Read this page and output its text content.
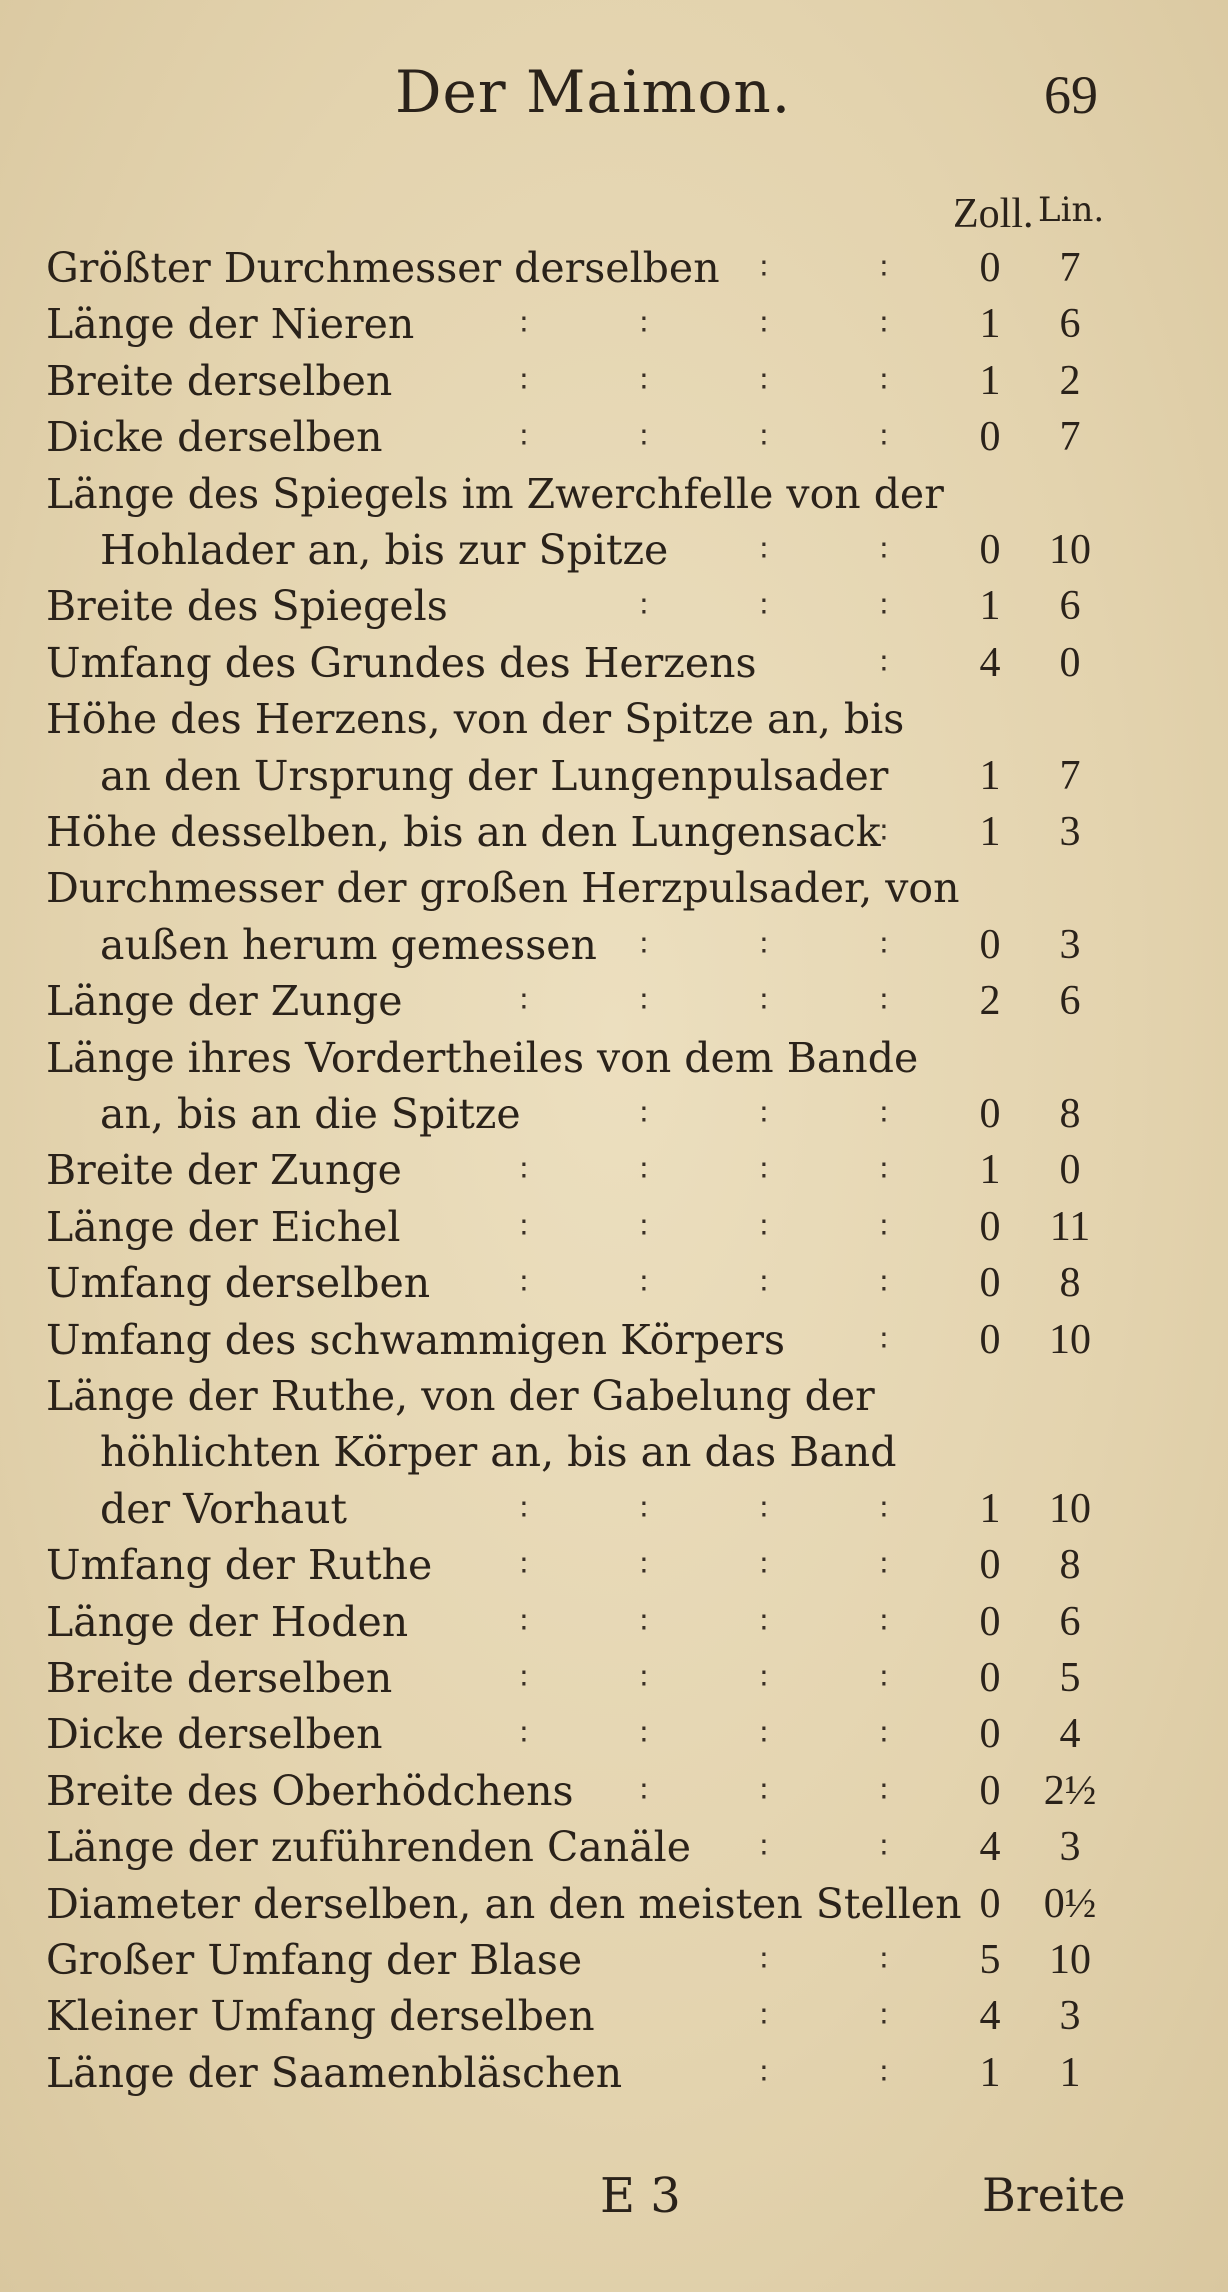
Der Maimon.	69
Zoll. Lin.
Größter Durchmesser derselben ∶	∶ 0	7
Länge der Nieren	∶	∶	∶	∶ 1	6
Breite derselben	∶	∶	∶	∶ 1	2
Dicke derselben	∶	∶	∶	∶ 0	7
Länge des Spiegels im Zwerchfelle von der
Hohlader an, bis zur Spitze	∶	∶ 0 10
Breite des Spiegels	∶	∶	∶ 1	6
Umfang des Grundes des Herzens	∶ 4	0
Höhe des Herzens, von der Spitze an, bis
an den Ursprung der Lungenpulsader 1	7
Höhe desselben, bis an den Lungensack ∶ 1	3
Durchmesser der großen Herzpulsader, von
außen herum gemessen ∶	∶	∶ 0	3
Länge der Zunge	∶	∶	∶	∶ 2	6
Länge ihres Vordertheiles von dem Bande
an, bis an die Spitze	∶	∶	∶ 0	8
Breite der Zunge	∶	∶	∶	∶ 1	0
Länge der Eichel	∶	∶	∶	∶ 0 11
Umfang derselben	∶	∶	∶	∶ 0	8
Umfang des schwammigen Körpers	∶ 0 10
Länge der Ruthe, von der Gabelung der
höhlichten Körper an, bis an das Band
der Vorhaut	∶	∶	∶	∶ 1 10
Umfang der Ruthe	∶	∶	∶	∶ 0	8
Länge der Hoden	∶	∶	∶	∶ 0	6
Breite derselben	∶	∶	∶	∶ 0	5
Dicke derselben	∶	∶	∶	∶ 0	4
Breite des Oberhödchens ∶	∶	∶ 0 2½
Länge der zuführenden Canäle ∶	∶ 4	3
Diameter derselben, an den meisten Stellen 0 0½
Großer Umfang der Blase	∶	∶ 5 10
Kleiner Umfang derselben	∶	∶ 4	3
Länge der Saamenbläschen	∶	∶ 1	1
E 3	Breite
